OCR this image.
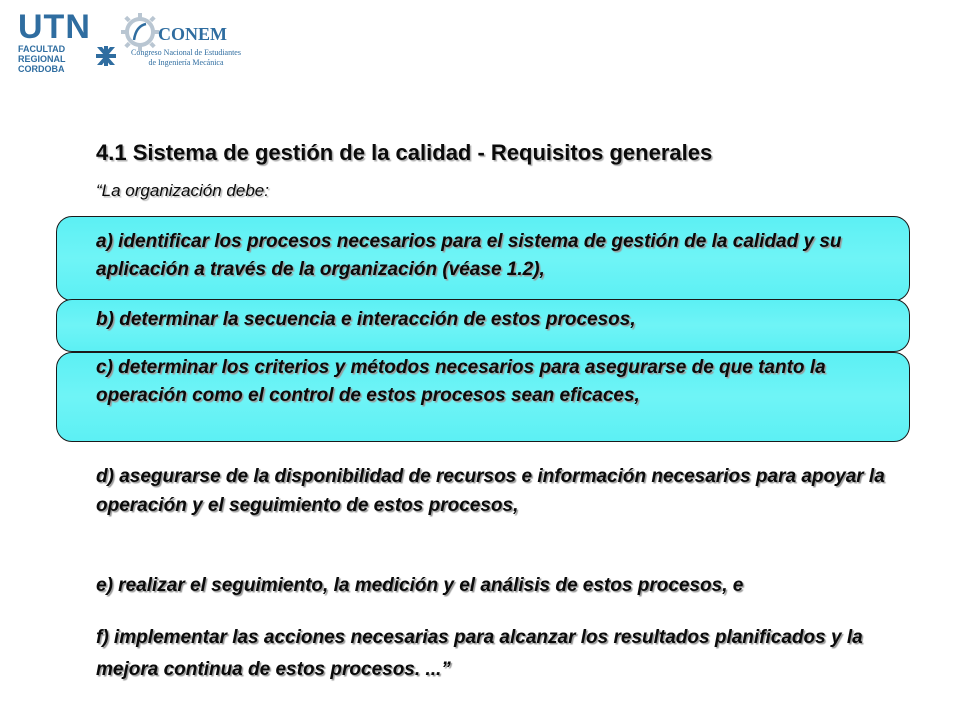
UTN
FACULTAD
REGIONAL
CORDOBA
CONEM
Congreso Nacional de Estudiantes
de Ingeniería Mecánica
4.1 Sistema de gestión de la calidad - Requisitos generales
“La organización debe:
a) identificar los procesos necesarios para el sistema de gestión de la calidad y su aplicación a través de la organización (véase 1.2),
b) determinar la secuencia e interacción de estos procesos,
c) determinar los criterios y métodos necesarios para asegurarse de que tanto la operación como el control de estos procesos sean eficaces,
d) asegurarse de la disponibilidad de recursos e información necesarios para apoyar la operación y el seguimiento de estos procesos,
e) realizar el seguimiento, la medición y el análisis de estos procesos, e
f) implementar las acciones necesarias para alcanzar los resultados planificados y la mejora continua de estos procesos. ...”
